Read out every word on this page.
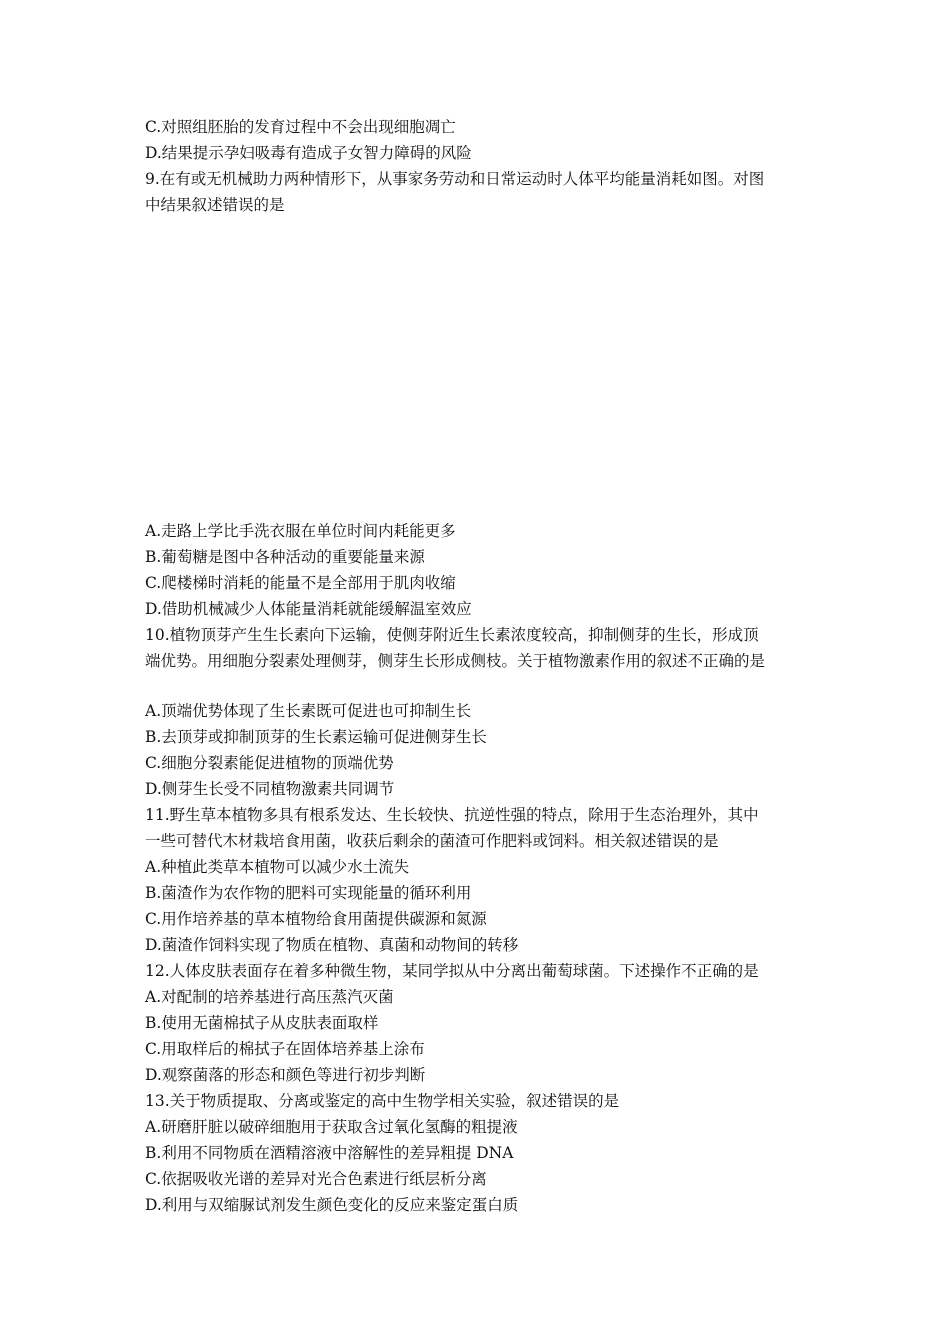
C.对照组胚胎的发育过程中不会出现细胞凋亡
D.结果提示孕妇吸毒有造成子女智力障碍的风险
9.在有或无机械助力两种情形下，从事家务劳动和日常运动时人体平均能量消耗如图。对图
中结果叙述错误的是
A.走路上学比手洗衣服在单位时间内耗能更多
B.葡萄糖是图中各种活动的重要能量来源
C.爬楼梯时消耗的能量不是全部用于肌肉收缩
D.借助机械减少人体能量消耗就能缓解温室效应
10.植物顶芽产生生长素向下运输，使侧芽附近生长素浓度较高，抑制侧芽的生长，形成顶
端优势。用细胞分裂素处理侧芽，侧芽生长形成侧枝。关于植物激素作用的叙述不正确的是
A.顶端优势体现了生长素既可促进也可抑制生长
B.去顶芽或抑制顶芽的生长素运输可促进侧芽生长
C.细胞分裂素能促进植物的顶端优势
D.侧芽生长受不同植物激素共同调节
11.野生草本植物多具有根系发达、生长较快、抗逆性强的特点，除用于生态治理外，其中
一些可替代木材栽培食用菌，收获后剩余的菌渣可作肥料或饲料。相关叙述错误的是
A.种植此类草本植物可以减少水土流失
B.菌渣作为农作物的肥料可实现能量的循环利用
C.用作培养基的草本植物给食用菌提供碳源和氮源
D.菌渣作饲料实现了物质在植物、真菌和动物间的转移
12.人体皮肤表面存在着多种微生物，某同学拟从中分离出葡萄球菌。下述操作不正确的是
A.对配制的培养基进行高压蒸汽灭菌
B.使用无菌棉拭子从皮肤表面取样
C.用取样后的棉拭子在固体培养基上涂布
D.观察菌落的形态和颜色等进行初步判断
13.关于物质提取、分离或鉴定的高中生物学相关实验，叙述错误的是
A.研磨肝脏以破碎细胞用于获取含过氧化氢酶的粗提液
B.利用不同物质在酒精溶液中溶解性的差异粗提 DNA
C.依据吸收光谱的差异对光合色素进行纸层析分离
D.利用与双缩脲试剂发生颜色变化的反应来鉴定蛋白质
